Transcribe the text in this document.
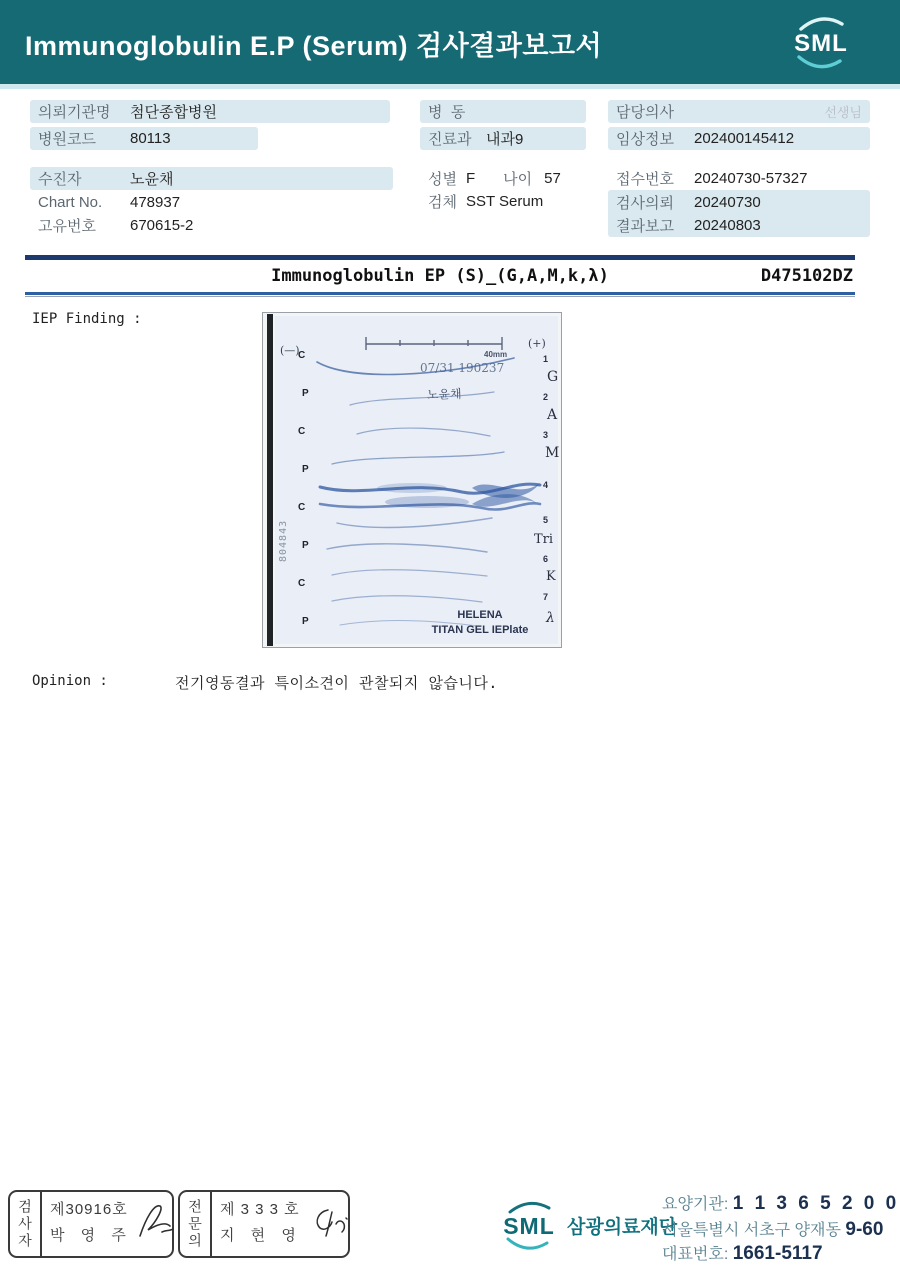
Immunoglobulin E.P (Serum) 검사결과보고서	SML
의뢰기관명	첨단종합병원
병원코드	80113
수진자	노윤채
Chart No.	478937
고유번호	670615-2
병  동
진료과 내과9
성별 F 나이 57
검체 SST Serum
담당의사	선생님
임상정보	202400145412
접수번호	20240730-57327
검사의뢰	20240730
결과보고	20240803
Immunoglobulin EP (S)_(G,A,M,k,λ)	D475102DZ
IEP Finding :
40mm
(—)
(+)
07/31 190237
노윤채
804843
C
P
C
P
C
P
C
P
1
G
2
A
3
M
4
5
Tri
6
K
7
λ
HELENA
TITAN GEL IEPlate
Opinion :	전기영동결과 특이소견이 관찰되지 않습니다.
검사자	제30916호
박 영 주	전문의	제 3 3 3 호
지 현 영	SML 삼광의료재단
요양기관: 1 1 3 6 5 2 0 0
서울특별시 서초구 양재동 9-60
대표번호: 1661-5117
